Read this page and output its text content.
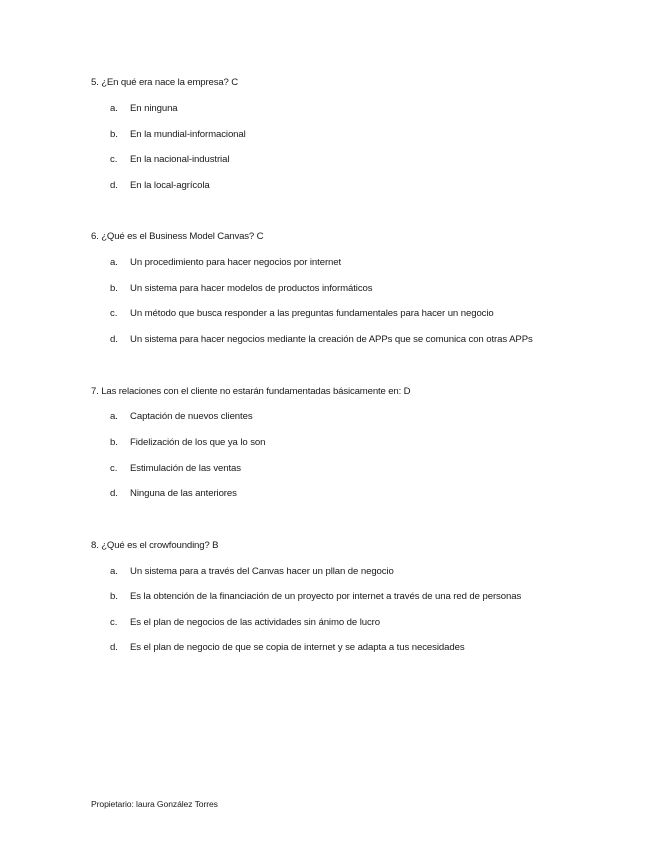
5. ¿En qué era nace la empresa? C
a. En ninguna
b. En la mundial-informacional
c. En la nacional-industrial
d. En la local-agrícola
6. ¿Qué es el Business Model Canvas? C
a. Un procedimiento para hacer negocios por internet
b. Un sistema para hacer modelos de productos informáticos
c. Un método que busca responder a las preguntas fundamentales para hacer un negocio
d. Un sistema para hacer negocios mediante la creación de APPs que se comunica con otras APPs
7. Las relaciones con el cliente no estarán fundamentadas básicamente en: D
a. Captación de nuevos clientes
b. Fidelización de los que ya lo son
c. Estimulación de las ventas
d. Ninguna de las anteriores
8. ¿Qué es el crowfounding? B
a. Un sistema para a través del Canvas hacer un pllan de negocio
b. Es la obtención de la financiación de un proyecto por internet a través de una red de personas
c. Es el plan de negocios de las actividades sin ánimo de lucro
d. Es el plan de negocio de que se copia de internet y se adapta a tus necesidades
Propietario: laura González Torres
